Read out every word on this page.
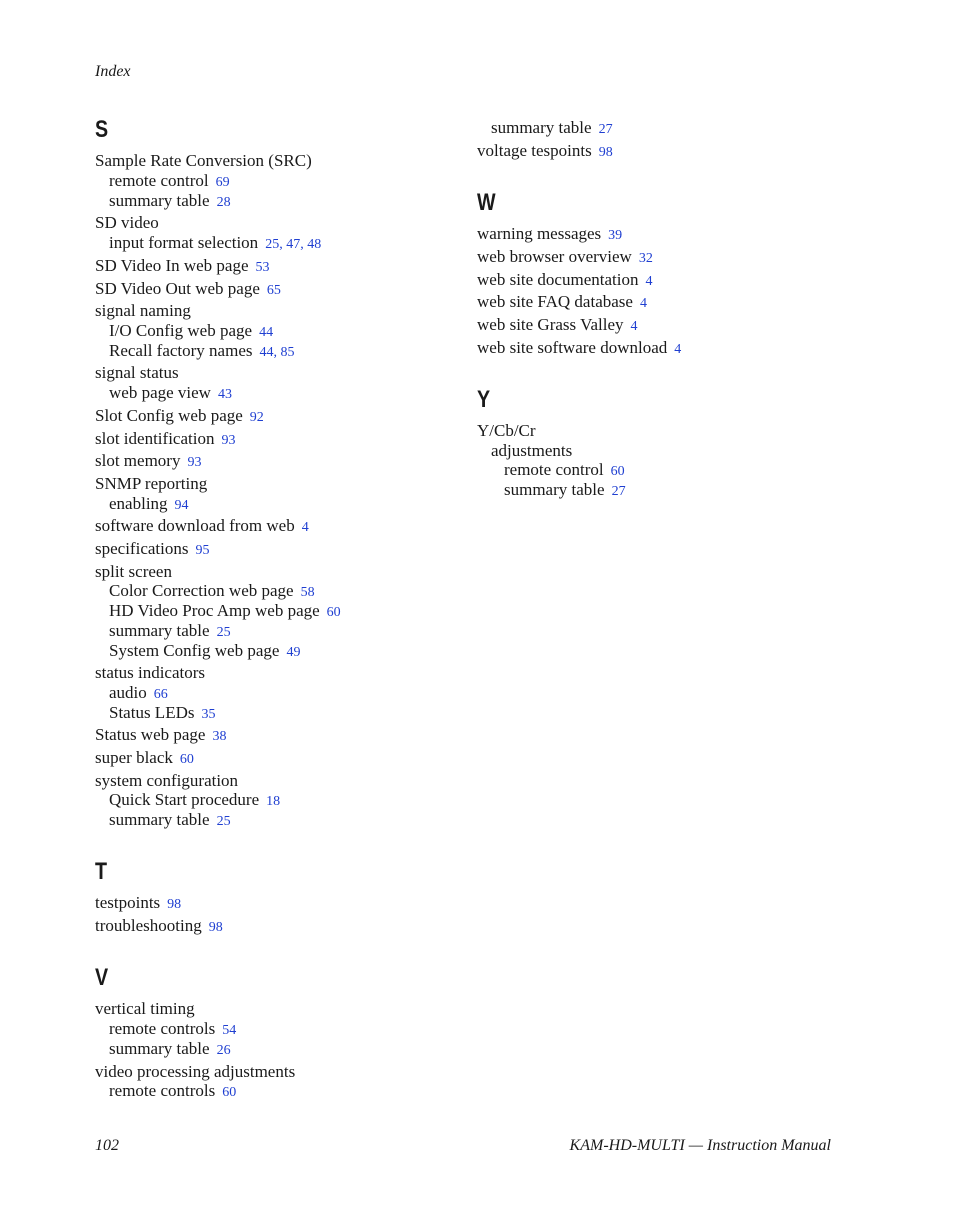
Index
S
Sample Rate Conversion (SRC)
remote control 69
summary table 28
SD video
input format selection 25, 47, 48
SD Video In web page 53
SD Video Out web page 65
signal naming
I/O Config web page 44
Recall factory names 44, 85
signal status
web page view 43
Slot Config web page 92
slot identification 93
slot memory 93
SNMP reporting
enabling 94
software download from web 4
specifications 95
split screen
Color Correction web page 58
HD Video Proc Amp web page 60
summary table 25
System Config web page 49
status indicators
audio 66
Status LEDs 35
Status web page 38
super black 60
system configuration
Quick Start procedure 18
summary table 25
T
testpoints 98
troubleshooting 98
V
vertical timing
remote controls 54
summary table 26
video processing adjustments
remote controls 60
summary table 27
voltage tespoints 98
W
warning messages 39
web browser overview 32
web site documentation 4
web site FAQ database 4
web site Grass Valley 4
web site software download 4
Y
Y/Cb/Cr
adjustments
remote control 60
summary table 27
102	KAM-HD-MULTI — Instruction Manual
